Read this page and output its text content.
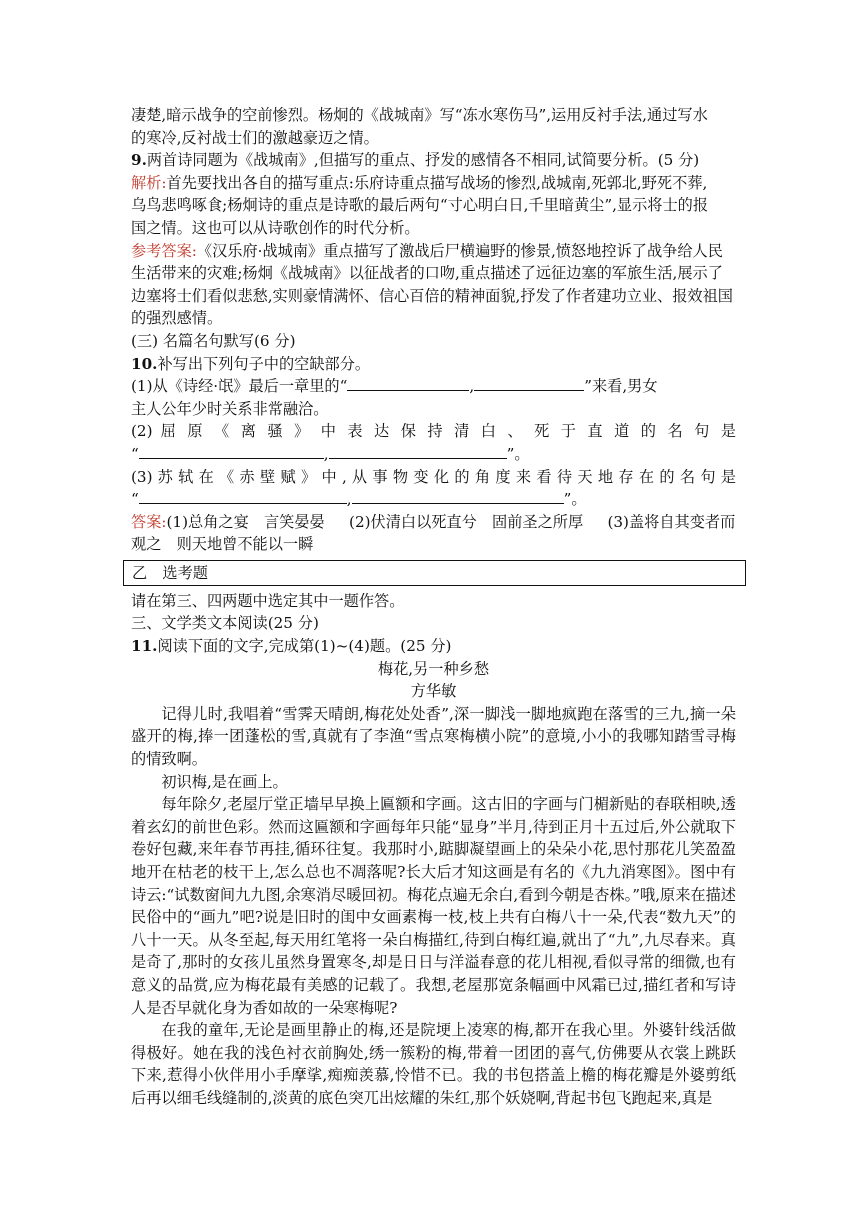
凄楚,暗示战争的空前惨烈。杨炯的《战城南》写“冻水寒伤马”,运用反衬手法,通过写水

的寒冷,反衬战士们的激越豪迈之情。

9.两首诗同题为《战城南》,但描写的重点、抒发的感情各不相同,试简要分析。(5 分)

解析:首先要找出各自的描写重点:乐府诗重点描写战场的惨烈,战城南,死郭北,野死不葬,

乌鸟悲鸣啄食;杨炯诗的重点是诗歌的最后两句“寸心明白日,千里暗黄尘”,显示将士的报

国之情。这也可以从诗歌创作的时代分析。

参考答案:《汉乐府·战城南》重点描写了激战后尸横遍野的惨景,愤怒地控诉了战争给人民

生活带来的灾难;杨炯《战城南》以征战者的口吻,重点描述了远征边塞的军旅生活,展示了

边塞将士们看似悲愁,实则豪情满怀、信心百倍的精神面貌,抒发了作者建功立业、报效祖国

的强烈感情。

(三) 名篇名句默写(6 分)

10.补写出下列句子中的空缺部分。

(1)从《诗经·氓》最后一章里的“	,	”来看,男女

主人公年少时关系非常融洽。

(2) 屈 原 《 离 骚 》 中 表 达 保 持 清 白 、 死 于 直 道 的 名 句 是

“	,	”。

(3) 苏 轼 在 《 赤 壁 赋 》 中 , 从 事 物 变 化 的 角 度 来 看 待 天 地 存 在 的 名 句 是

“	,	”。

答案:(1)总角之宴　言笑晏晏 (2)伏清白以死直兮　固前圣之所厚 (3)盖将自其变者而

观之　则天地曾不能以一瞬

乙　选考题

请在第三、四两题中选定其中一题作答。

三、文学类文本阅读(25 分)

11.阅读下面的文字,完成第(1)~(4)题。(25 分)

梅花,另一种乡愁

方华敏

记得儿时,我唱着“雪霁天晴朗,梅花处处香”,深一脚浅一脚地疯跑在落雪的三九,摘一朵盛开的梅,捧一团蓬松的雪,真就有了李渔“雪点寒梅横小院”的意境,小小的我哪知踏雪寻梅的情致啊。

初识梅,是在画上。

每年除夕,老屋厅堂正墙早早换上匾额和字画。这古旧的字画与门楣新贴的春联相映,透着玄幻的前世色彩。然而这匾额和字画每年只能“显身”半月,待到正月十五过后,外公就取下卷好包藏,来年春节再挂,循环往复。我那时小,踮脚凝望画上的朵朵小花,思忖那花儿笑盈盈地开在枯老的枝干上,怎么总也不凋落呢?长大后才知这画是有名的《九九消寒图》。图中有诗云:“试数窗间九九图,余寒消尽暖回初。梅花点遍无余白,看到今朝是杏株。”哦,原来在描述民俗中的“画九”吧?说是旧时的闺中女画素梅一枝,枝上共有白梅八十一朵,代表“数九天”的八十一天。从冬至起,每天用红笔将一朵白梅描红,待到白梅红遍,就出了“九”,九尽春来。真是奇了,那时的女孩儿虽然身置寒冬,却是日日与洋溢春意的花儿相视,看似寻常的细微,也有意义的品赏,应为梅花最有美感的记载了。我想,老屋那宽条幅画中风霜已过,描红者和写诗人是否早就化身为香如故的一朵寒梅呢?

在我的童年,无论是画里静止的梅,还是院埂上凌寒的梅,都开在我心里。外婆针线活做得极好。她在我的浅色衬衣前胸处,绣一簇粉的梅,带着一团团的喜气,仿佛要从衣裳上跳跃下来,惹得小伙伴用小手摩挲,痴痴羡慕,怜惜不已。我的书包搭盖上檐的梅花瓣是外婆剪纸后再以细毛线缝制的,淡黄的底色突兀出炫耀的朱红,那个妖娆啊,背起书包飞跑起来,真是
